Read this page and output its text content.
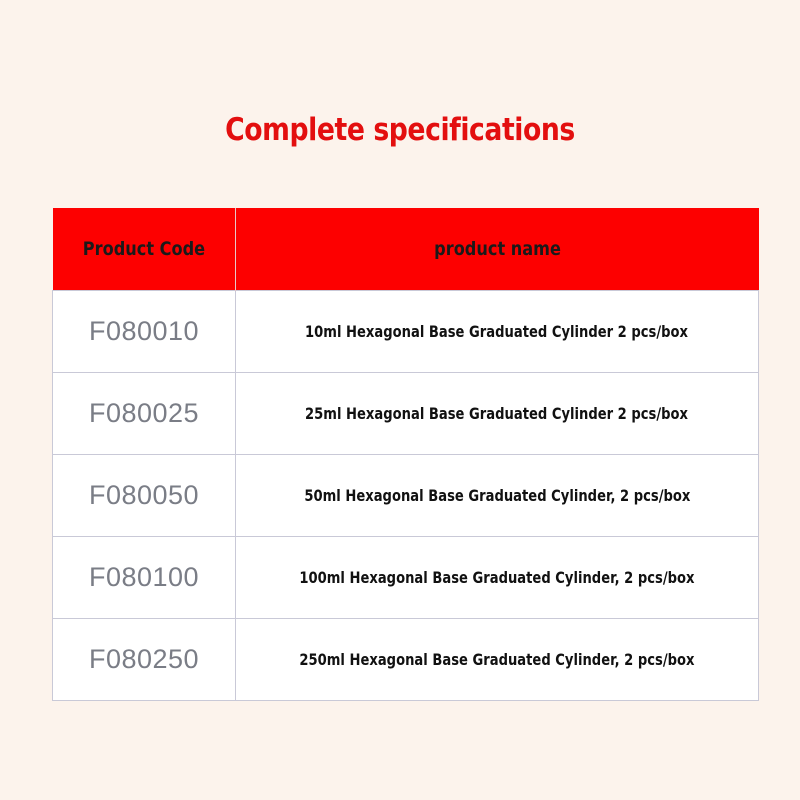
Complete specifications
Product Code	product name
F080010	10ml Hexagonal Base Graduated Cylinder 2 pcs/box
F080025	25ml Hexagonal Base Graduated Cylinder 2 pcs/box
F080050	50ml Hexagonal Base Graduated Cylinder, 2 pcs/box
F080100	100ml Hexagonal Base Graduated Cylinder, 2 pcs/box
F080250	250ml Hexagonal Base Graduated Cylinder, 2 pcs/box
